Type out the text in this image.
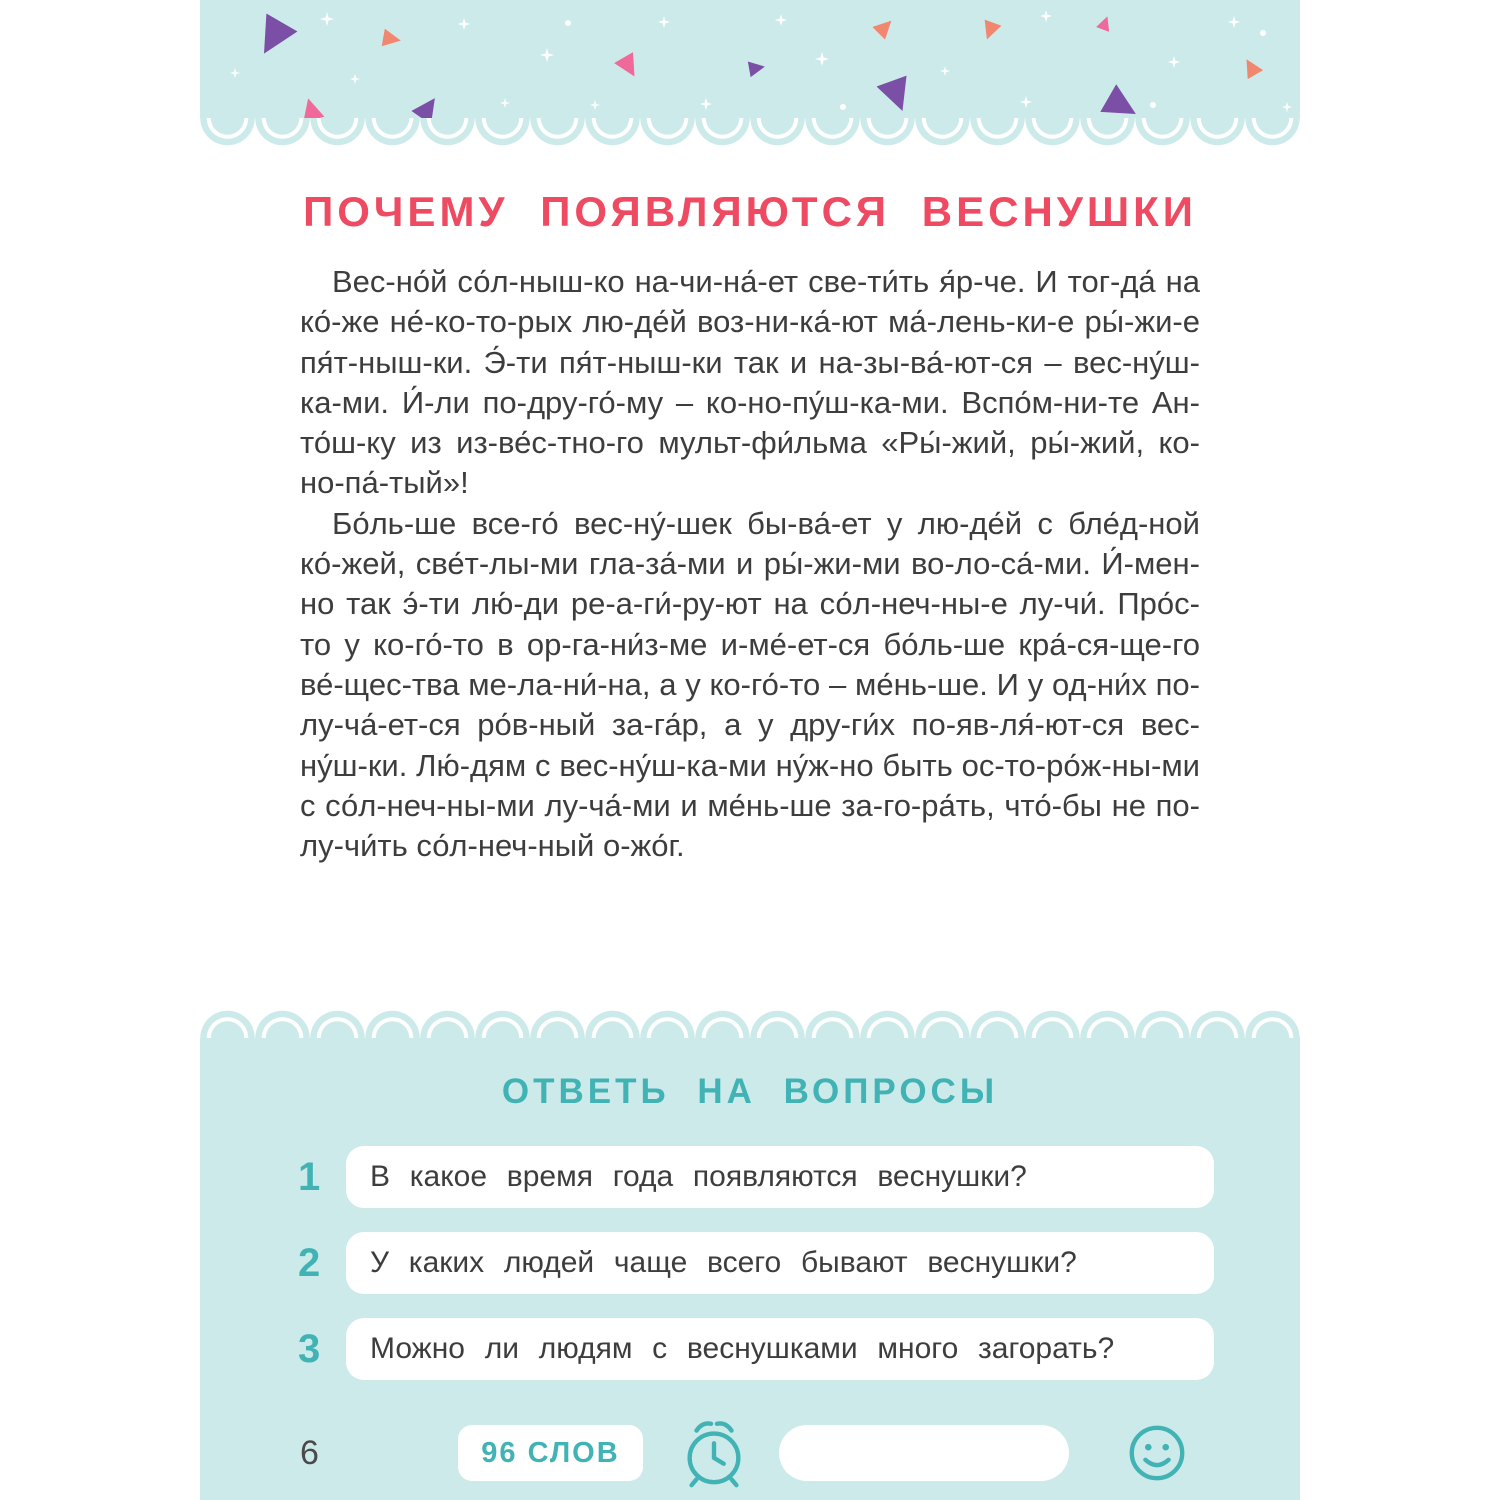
ПОЧЕМУ ПОЯВЛЯЮТСЯ ВЕСНУШКИ

Вес-но́й со́л-ныш-ко на-чи-на́-ет све-ти́ть я́р-че. И тог-да́ на ко́-же не́-ко-то-рых лю-де́й воз-ни-ка́-ют ма́-лень-ки-е ры́-жи-е пя́т-ныш-ки. Э́-ти пя́т-ныш-ки так и на-зы-ва́-ют-ся – вес-ну́ш-ка-ми. И́-ли по-дру-го́-му – ко-но-пу́ш-ка-ми. Вспо́м-ни-те Ан-то́ш-ку из из-ве́с-тно-го мульт-фи́льма «Ры́-жий, ры́-жий, ко-но-па́-тый»!

Бо́ль-ше все-го́ вес-ну́-шек бы-ва́-ет у лю-де́й с бле́д-ной ко́-жей, све́т-лы-ми гла-за́-ми и ры́-жи-ми во-ло-са́-ми. И́-мен-но так э́-ти лю́-ди ре-а-ги́-ру-ют на со́л-неч-ны-е лу-чи́. Про́с-то у ко-го́-то в ор-га-ни́з-ме и-ме́-ет-ся бо́ль-ше кра́-ся-ще-го ве́-щес-тва ме-ла-ни́-на, а у ко-го́-то – ме́нь-ше. И у од-ни́х по-лу-ча́-ет-ся ро́в-ный за-га́р, а у дру-ги́х по-яв-ля́-ют-ся вес-ну́ш-ки. Лю́-дям с вес-ну́ш-ка-ми ну́ж-но быть ос-то-ро́ж-ны-ми с со́л-неч-ны-ми лу-ча́-ми и ме́нь-ше за-го-ра́ть, что́-бы не по-лу-чи́ть со́л-неч-ный о-жо́г.

ОТВЕТЬ НА ВОПРОСЫ
1	В какое время года появляются веснушки?
2	У каких людей чаще всего бывают веснушки?
3	Можно ли людям с веснушками много загорать?
6	96 СЛОВ
